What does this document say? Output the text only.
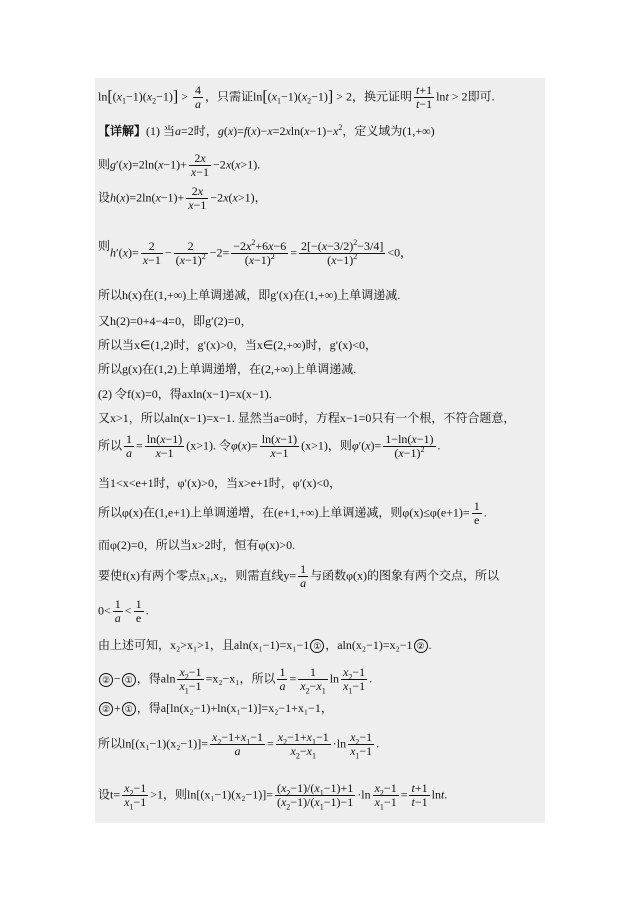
$\ln[(x_1-1)(x_2-1)] > \frac{4}{a}$ ，只需证$\ln[(x_1-1)(x_2-1)] > 2$，换元证明 $\frac{t+1}{t-1}$ lnt > 2即可.
【详解】(1) 当a=2时，$g(x)=f(x)-x=2xln(x-1)-x^2$，定义域为(1,+∞)
则$g'(x)=2\ln(x-1)+ \frac{2x}{x-1} -2x(x>1)$.
设$h(x)=2\ln(x-1)+ \frac{2x}{x-1} -2x(x>1)$，
则 $h'(x)= \frac{2}{x-1} - \frac{2}{(x-1)^2} -2= \frac{-2x^2+6x-6}{(x-1)^2} = \frac{2[-(x-3/2)^2-3/4]}{(x-1)^2} <0$，
所以h(x)在(1,+∞)上单调递减，即g′(x)在(1,+∞)上单调递减.
又h(2)=0+4−4=0，即g′(2)=0，
所以当x∈(1,2)时，g′(x)>0，当x∈(2,+∞)时，g′(x)<0，
所以g(x)在(1,2)上单调递增，在(2,+∞)上单调递减.
(2) 令f(x)=0，得axln(x−1)=x(x−1).
又x>1，所以aln(x−1)=x−1. 显然当a=0时，方程x−1=0只有一个根，不符合题意，
所以 $\frac{1}{a} = \frac{\ln(x-1)}{x-1} (x>1)$. 令$\varphi(x)= \frac{\ln(x-1)}{x-1} (x>1)$，则$\varphi'(x)= \frac{1-\ln(x-1)}{(x-1)^2}$ .
当1<x<e+1时，φ′(x)>0，当x>e+1时，φ′(x)<0，
所以φ(x)在(1,e+1)上单调递增，在(e+1,+∞)上单调递减，则$\varphi(x)\le\varphi(e+1)= \frac{1}{e}$ .
而φ(2)=0，所以当x>2时，恒有φ(x)>0.
要使f(x)有两个零点x₁,x₂，则需直线$y= \frac{1}{a}$ 与函数φ(x)的图象有两个交点，所以
$0< \frac{1}{a} < \frac{1}{e}$ .
由上述可知，x₂>x₁>1，且aln(x₁−1)=x₁−1 ① ，aln(x₂−1)=x₂−1 ② .
② − ① ，得aln $\frac{x_2-1}{x_1-1} =x_2-x_1$，所以 $\frac{1}{a} = \frac{1}{x_2-x_1}$ $\ln \frac{x_2-1}{x_1-1}$ .
② + ① ，得a[ln(x₂−1)+ln(x₁−1)]=x₂−1+x₁−1，
所以$\ln[(x_1-1)(x_2-1)]= \frac{x_2-1+x_1-1}{a} = \frac{x_2-1+x_1-1}{x_2-x_1} \cdot\ln \frac{x_2-1}{x_1-1}$ .
设$t= \frac{x_2-1}{x_1-1} >1$，则$\ln[(x_1-1)(x_2-1)]= \frac{(x_2-1)/(x_1-1)+1}{(x_2-1)/(x_1-1)-1} \cdot\ln \frac{x_2-1}{x_1-1} = \frac{t+1}{t-1} \ln t$.
